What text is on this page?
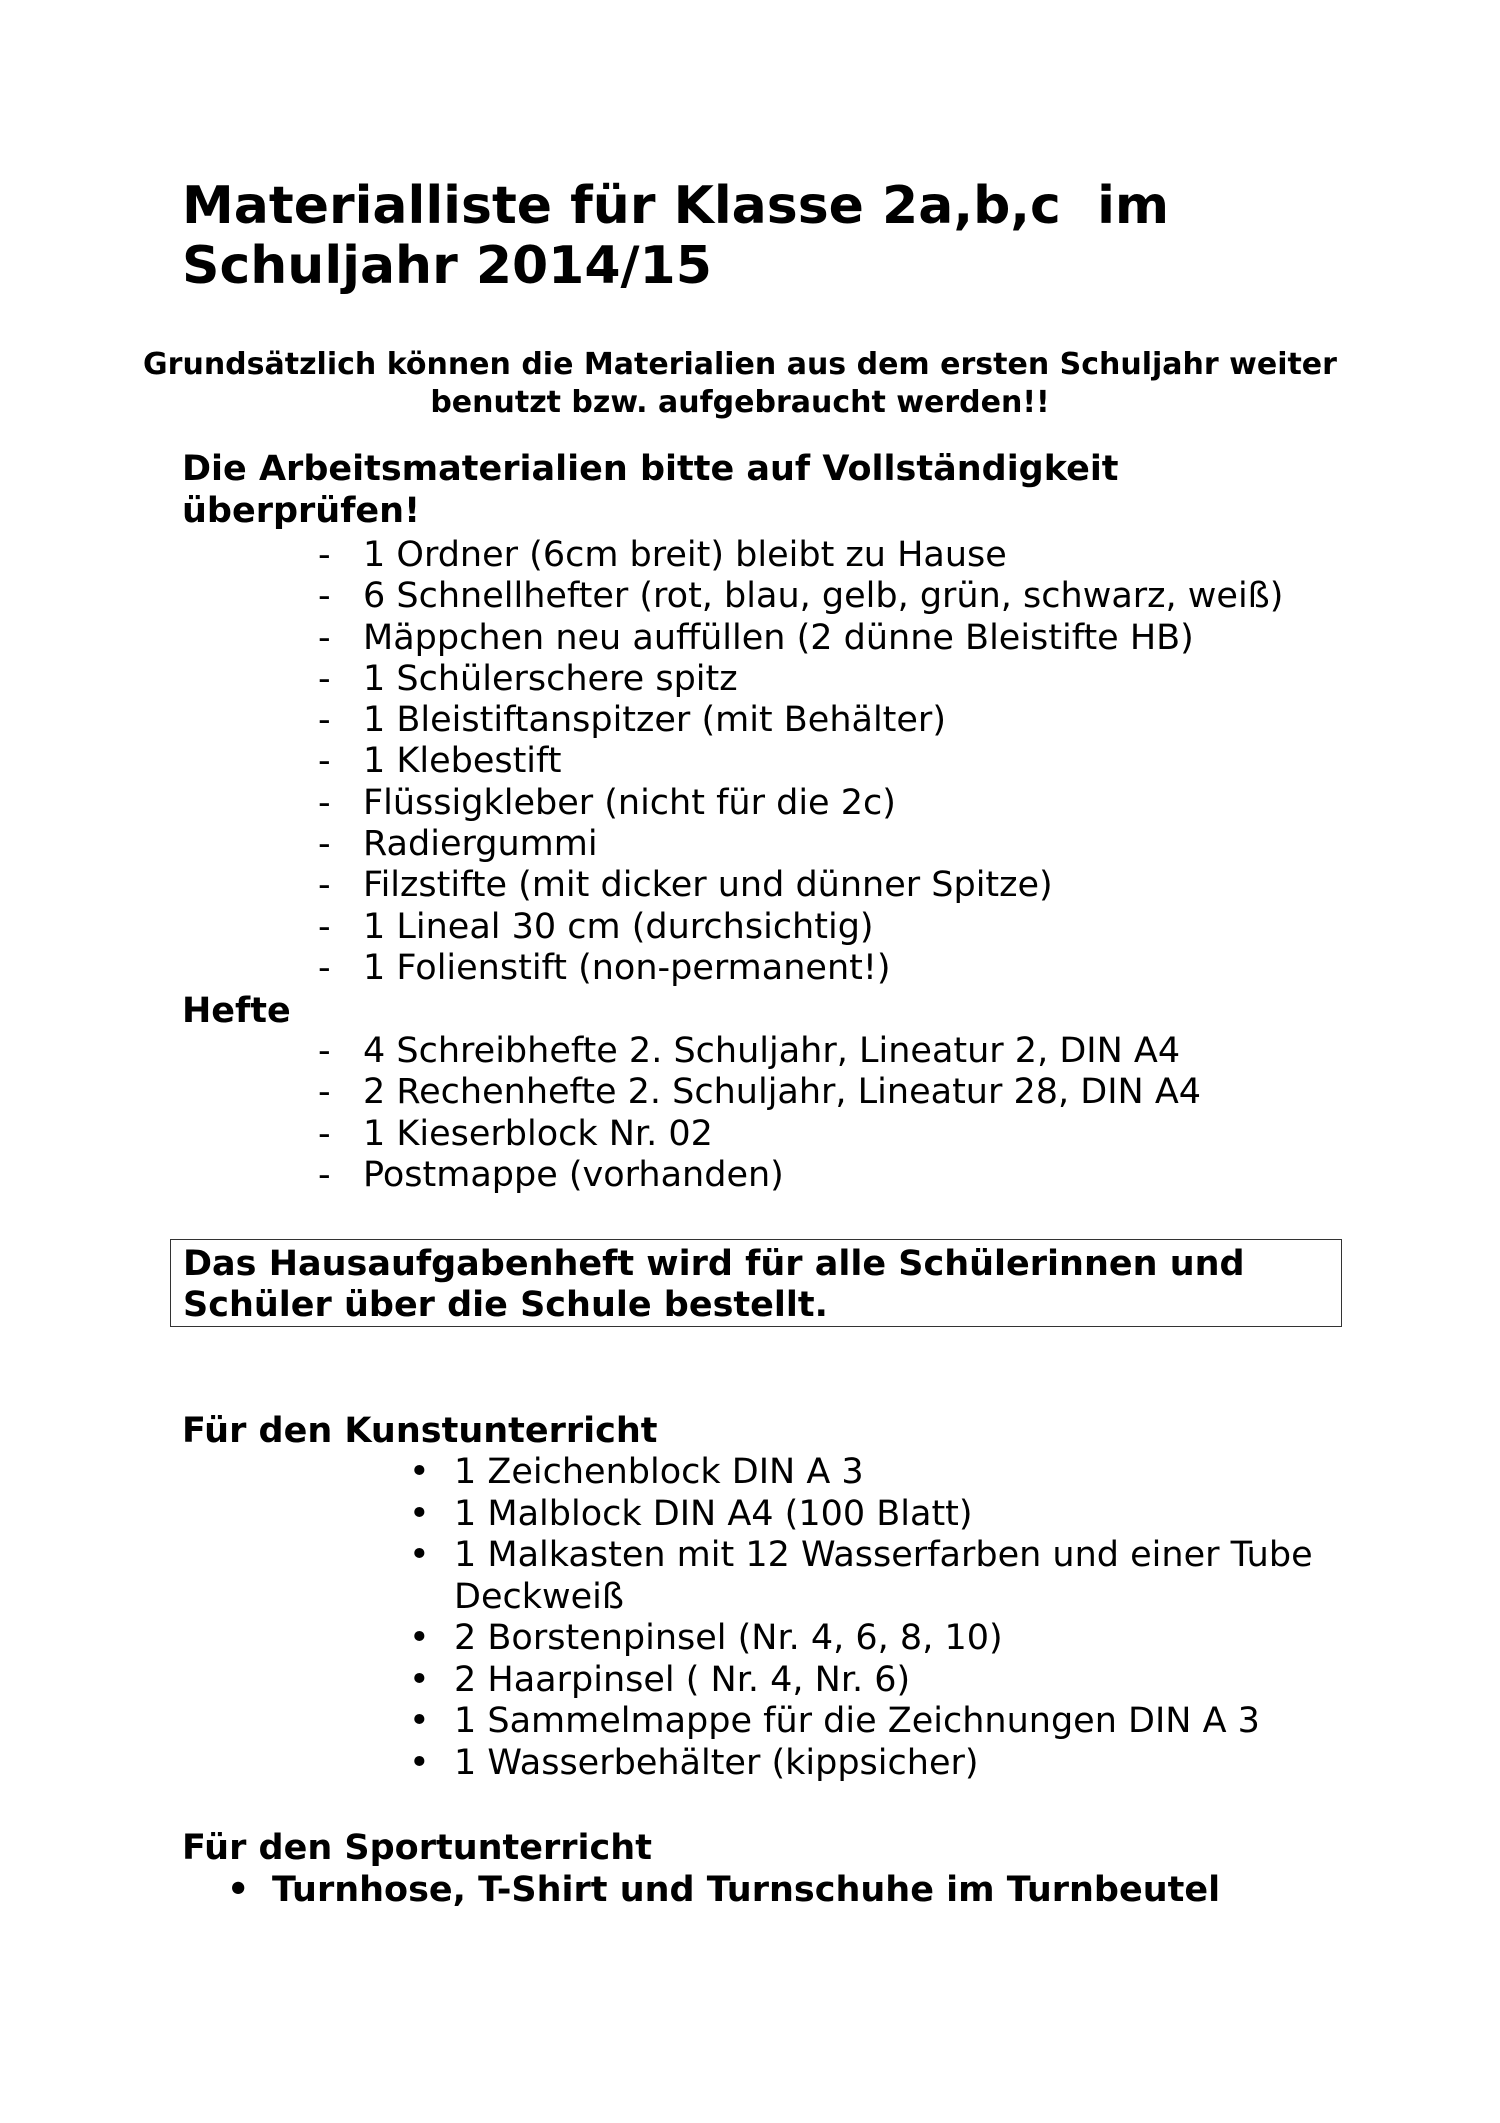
Materialliste für Klasse 2a,b,c  im
Schuljahr 2014/15

Grundsätzlich können die Materialien aus dem ersten Schuljahr weiter benutzt bzw. aufgebraucht werden!!

Die Arbeitsmaterialien bitte auf Vollständigkeit überprüfen!
- 1 Ordner (6cm breit) bleibt zu Hause
- 6 Schnellhefter (rot, blau, gelb, grün, schwarz, weiß)
- Mäppchen neu auffüllen (2 dünne Bleistifte HB)
- 1 Schülerschere spitz
- 1 Bleistiftanspitzer (mit Behälter)
- 1 Klebestift
- Flüssigkleber (nicht für die 2c)
- Radiergummi
- Filzstifte (mit dicker und dünner Spitze)
- 1 Lineal 30 cm (durchsichtig)
- 1 Folienstift (non-permanent!)
Hefte
- 4 Schreibhefte 2. Schuljahr, Lineatur 2, DIN A4
- 2 Rechenhefte 2. Schuljahr, Lineatur 28, DIN A4
- 1 Kieserblock Nr. 02
- Postmappe (vorhanden)
Das Hausaufgabenheft wird für alle Schülerinnen und Schüler über die Schule bestellt.
Für den Kunstunterricht
• 1 Zeichenblock DIN A 3
• 1 Malblock DIN A4 (100 Blatt)
• 1 Malkasten mit 12 Wasserfarben und einer Tube Deckweiß
• 2 Borstenpinsel (Nr. 4, 6, 8, 10)
• 2 Haarpinsel ( Nr. 4, Nr. 6)
• 1 Sammelmappe für die Zeichnungen DIN A 3
• 1 Wasserbehälter (kippsicher)
Für den Sportunterricht
• Turnhose, T-Shirt und Turnschuhe im Turnbeutel
